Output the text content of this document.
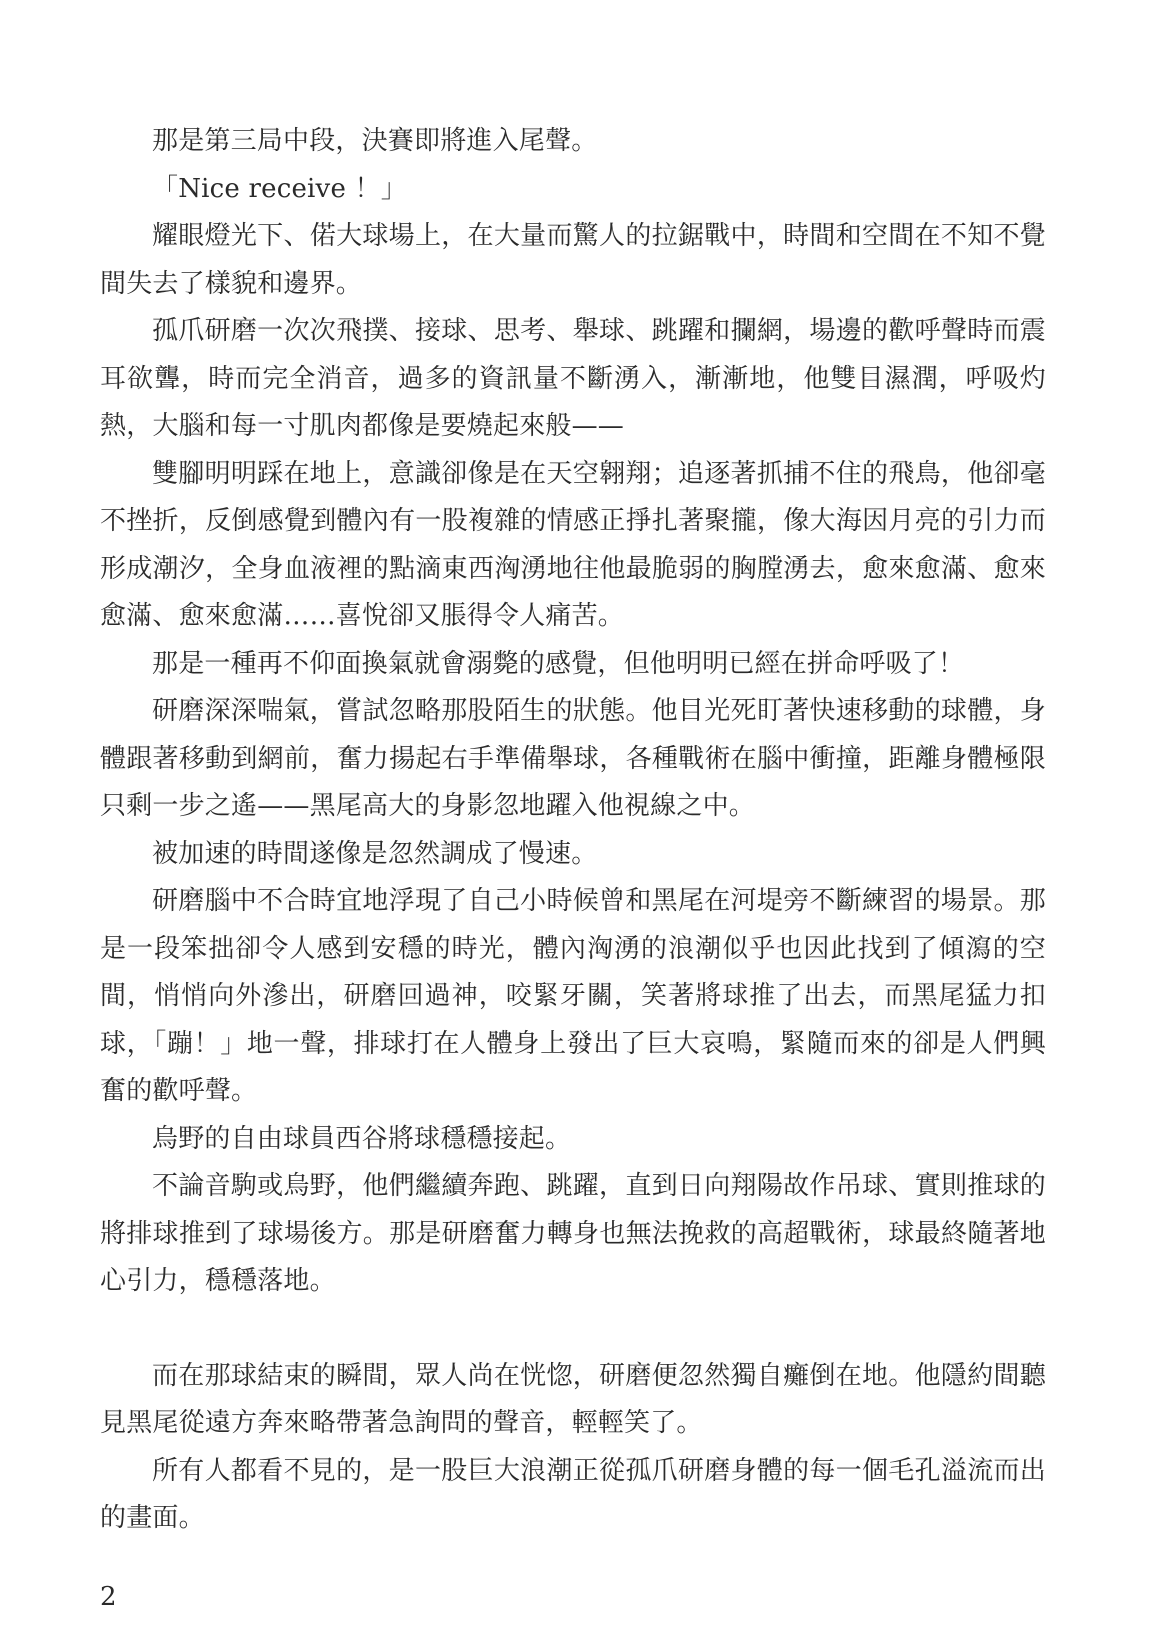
那是第三局中段，決賽即將進入尾聲。

「Nice receive ！」

耀眼燈光下、偌大球場上，在大量而驚人的拉鋸戰中，時間和空間在不知不覺間失去了樣貌和邊界。

孤爪研磨一次次飛撲、接球、思考、舉球、跳躍和攔網，場邊的歡呼聲時而震耳欲聾，時而完全消音，過多的資訊量不斷湧入，漸漸地，他雙目濕潤，呼吸灼熱，大腦和每一寸肌肉都像是要燒起來般——

雙腳明明踩在地上，意識卻像是在天空翱翔；追逐著抓捕不住的飛鳥，他卻毫不挫折，反倒感覺到體內有一股複雜的情感正掙扎著聚攏，像大海因月亮的引力而形成潮汐，全身血液裡的點滴東西洶湧地往他最脆弱的胸膛湧去，愈來愈滿、愈來愈滿、愈來愈滿……喜悅卻又脹得令人痛苦。

那是一種再不仰面換氣就會溺斃的感覺，但他明明已經在拼命呼吸了！

研磨深深喘氣，嘗試忽略那股陌生的狀態。他目光死盯著快速移動的球體，身體跟著移動到網前，奮力揚起右手準備舉球，各種戰術在腦中衝撞，距離身體極限只剩一步之遙——黑尾高大的身影忽地躍入他視線之中。

被加速的時間遂像是忽然調成了慢速。

研磨腦中不合時宜地浮現了自己小時候曾和黑尾在河堤旁不斷練習的場景。那是一段笨拙卻令人感到安穩的時光，體內洶湧的浪潮似乎也因此找到了傾瀉的空間，悄悄向外滲出，研磨回過神，咬緊牙關，笑著將球推了出去，而黑尾猛力扣球，「蹦！」地一聲，排球打在人體身上發出了巨大哀鳴，緊隨而來的卻是人們興奮的歡呼聲。

烏野的自由球員西谷將球穩穩接起。

不論音駒或烏野，他們繼續奔跑、跳躍，直到日向翔陽故作吊球、實則推球的將排球推到了球場後方。那是研磨奮力轉身也無法挽救的高超戰術，球最終隨著地心引力，穩穩落地。

而在那球結束的瞬間，眾人尚在恍惚，研磨便忽然獨自癱倒在地。他隱約間聽見黑尾從遠方奔來略帶著急詢問的聲音，輕輕笑了。

所有人都看不見的，是一股巨大浪潮正從孤爪研磨身體的每一個毛孔溢流而出的畫面。

2
